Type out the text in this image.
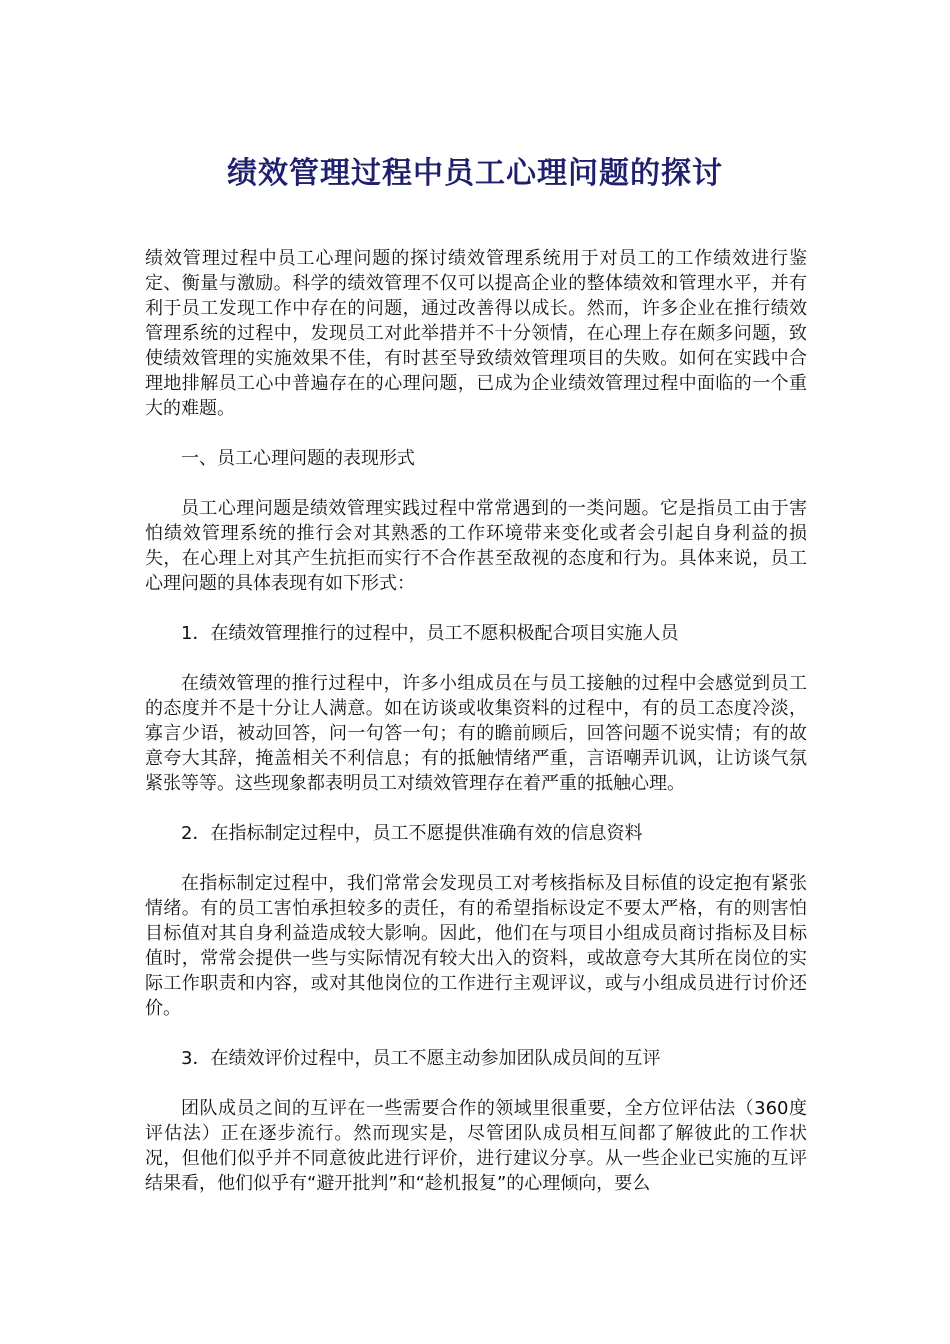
绩效管理过程中员工心理问题的探讨

绩效管理过程中员工心理问题的探讨绩效管理系统用于对员工的工作绩效进行鉴定、衡量与激励。科学的绩效管理不仅可以提高企业的整体绩效和管理水平，并有利于员工发现工作中存在的问题，通过改善得以成长。然而，许多企业在推行绩效管理系统的过程中，发现员工对此举措并不十分领情，在心理上存在颇多问题，致使绩效管理的实施效果不佳，有时甚至导致绩效管理项目的失败。如何在实践中合理地排解员工心中普遍存在的心理问题，已成为企业绩效管理过程中面临的一个重大的难题。

一、员工心理问题的表现形式

员工心理问题是绩效管理实践过程中常常遇到的一类问题。它是指员工由于害怕绩效管理系统的推行会对其熟悉的工作环境带来变化或者会引起自身利益的损失，在心理上对其产生抗拒而实行不合作甚至敌视的态度和行为。具体来说，员工心理问题的具体表现有如下形式：

1．在绩效管理推行的过程中，员工不愿积极配合项目实施人员

在绩效管理的推行过程中，许多小组成员在与员工接触的过程中会感觉到员工的态度并不是十分让人满意。如在访谈或收集资料的过程中，有的员工态度冷淡，寡言少语，被动回答，问一句答一句；有的瞻前顾后，回答问题不说实情；有的故意夸大其辞，掩盖相关不利信息；有的抵触情绪严重，言语嘲弄讥讽，让访谈气氛紧张等等。这些现象都表明员工对绩效管理存在着严重的抵触心理。

2．在指标制定过程中，员工不愿提供准确有效的信息资料

在指标制定过程中，我们常常会发现员工对考核指标及目标值的设定抱有紧张情绪。有的员工害怕承担较多的责任，有的希望指标设定不要太严格，有的则害怕目标值对其自身利益造成较大影响。因此，他们在与项目小组成员商讨指标及目标值时，常常会提供一些与实际情况有较大出入的资料，或故意夸大其所在岗位的实际工作职责和内容，或对其他岗位的工作进行主观评议，或与小组成员进行讨价还价。

3．在绩效评价过程中，员工不愿主动参加团队成员间的互评

团队成员之间的互评在一些需要合作的领域里很重要，全方位评估法（360度评估法）正在逐步流行。然而现实是，尽管团队成员相互间都了解彼此的工作状况，但他们似乎并不同意彼此进行评价，进行建议分享。从一些企业已实施的互评结果看，他们似乎有“避开批判”和“趁机报复”的心理倾向，要么
